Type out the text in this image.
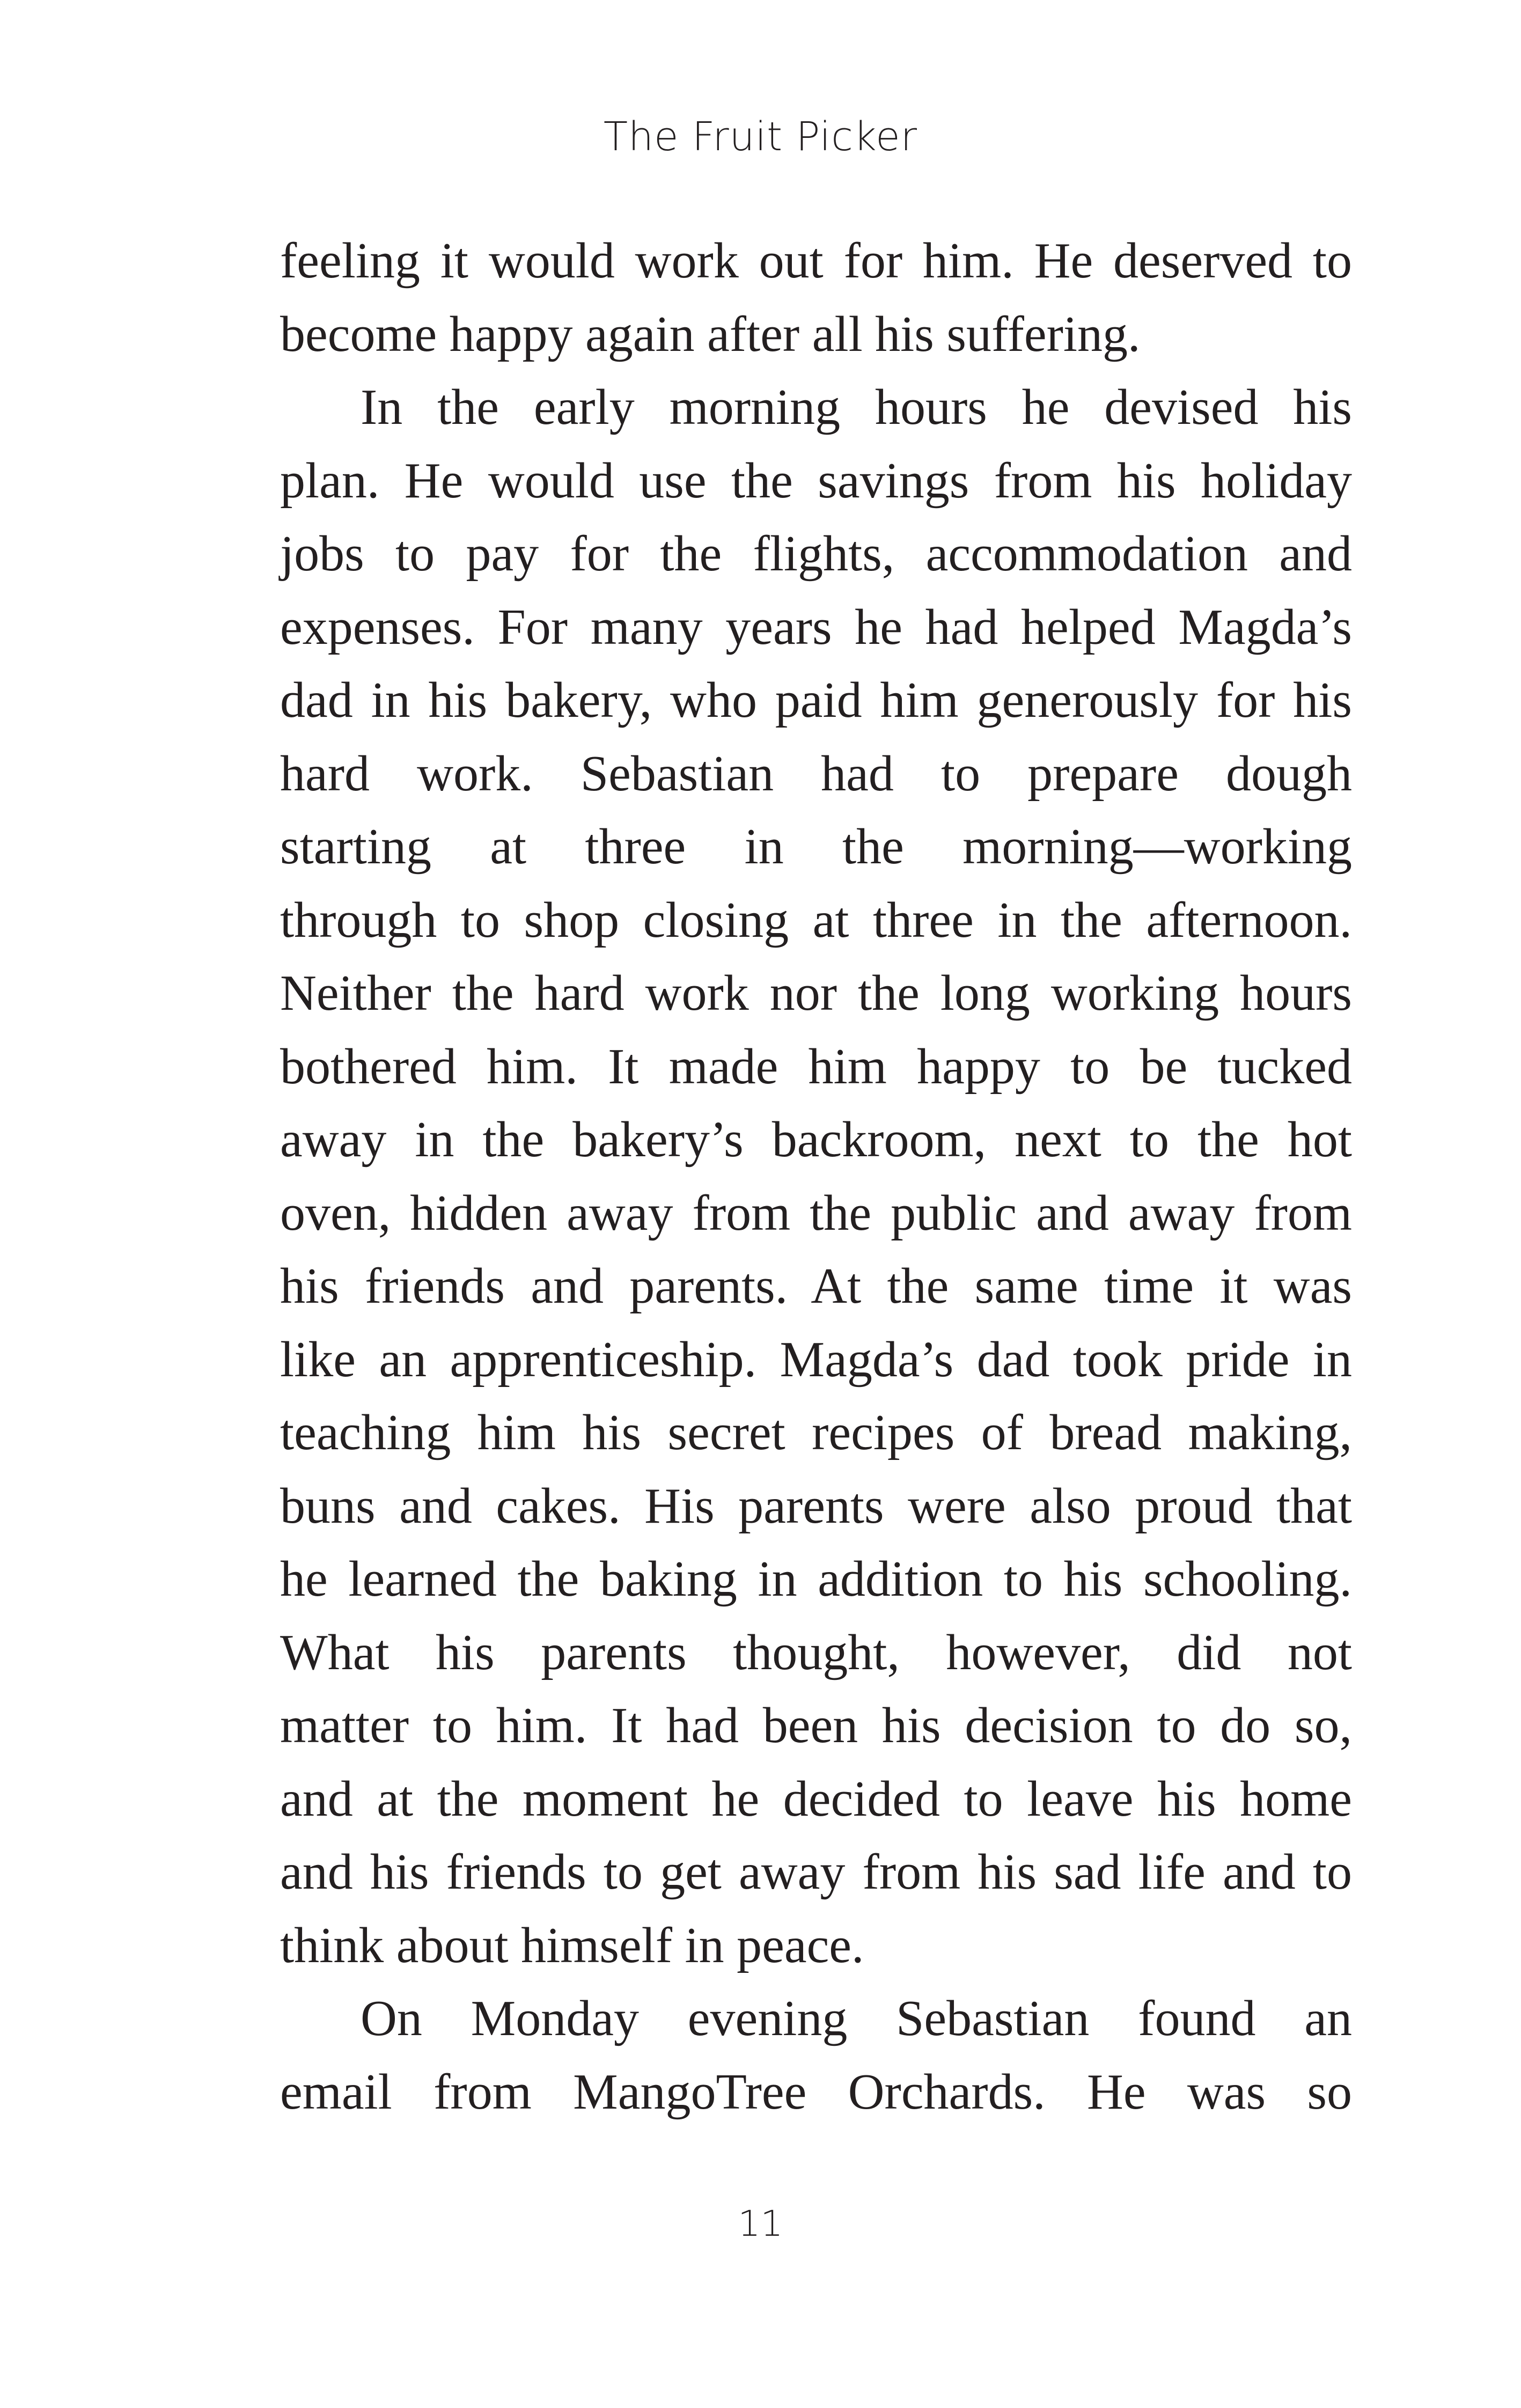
The Fruit Picker
feeling it would work out for him. He deserved to
become happy again after all his suffering.
In the early morning hours he devised his
plan. He would use the savings from his holiday
jobs to pay for the flights, accommodation and
expenses. For many years he had helped Magda’s
dad in his bakery, who paid him generously for his
hard work. Sebastian had to prepare dough
starting at three in the morning—working
through to shop closing at three in the afternoon.
Neither the hard work nor the long working hours
bothered him. It made him happy to be tucked
away in the bakery’s backroom, next to the hot
oven, hidden away from the public and away from
his friends and parents. At the same time it was
like an apprenticeship. Magda’s dad took pride in
teaching him his secret recipes of bread making,
buns and cakes. His parents were also proud that
he learned the baking in addition to his schooling.
What his parents thought, however, did not
matter to him. It had been his decision to do so,
and at the moment he decided to leave his home
and his friends to get away from his sad life and to
think about himself in peace.
On Monday evening Sebastian found an
email from MangoTree Orchards. He was so
11
